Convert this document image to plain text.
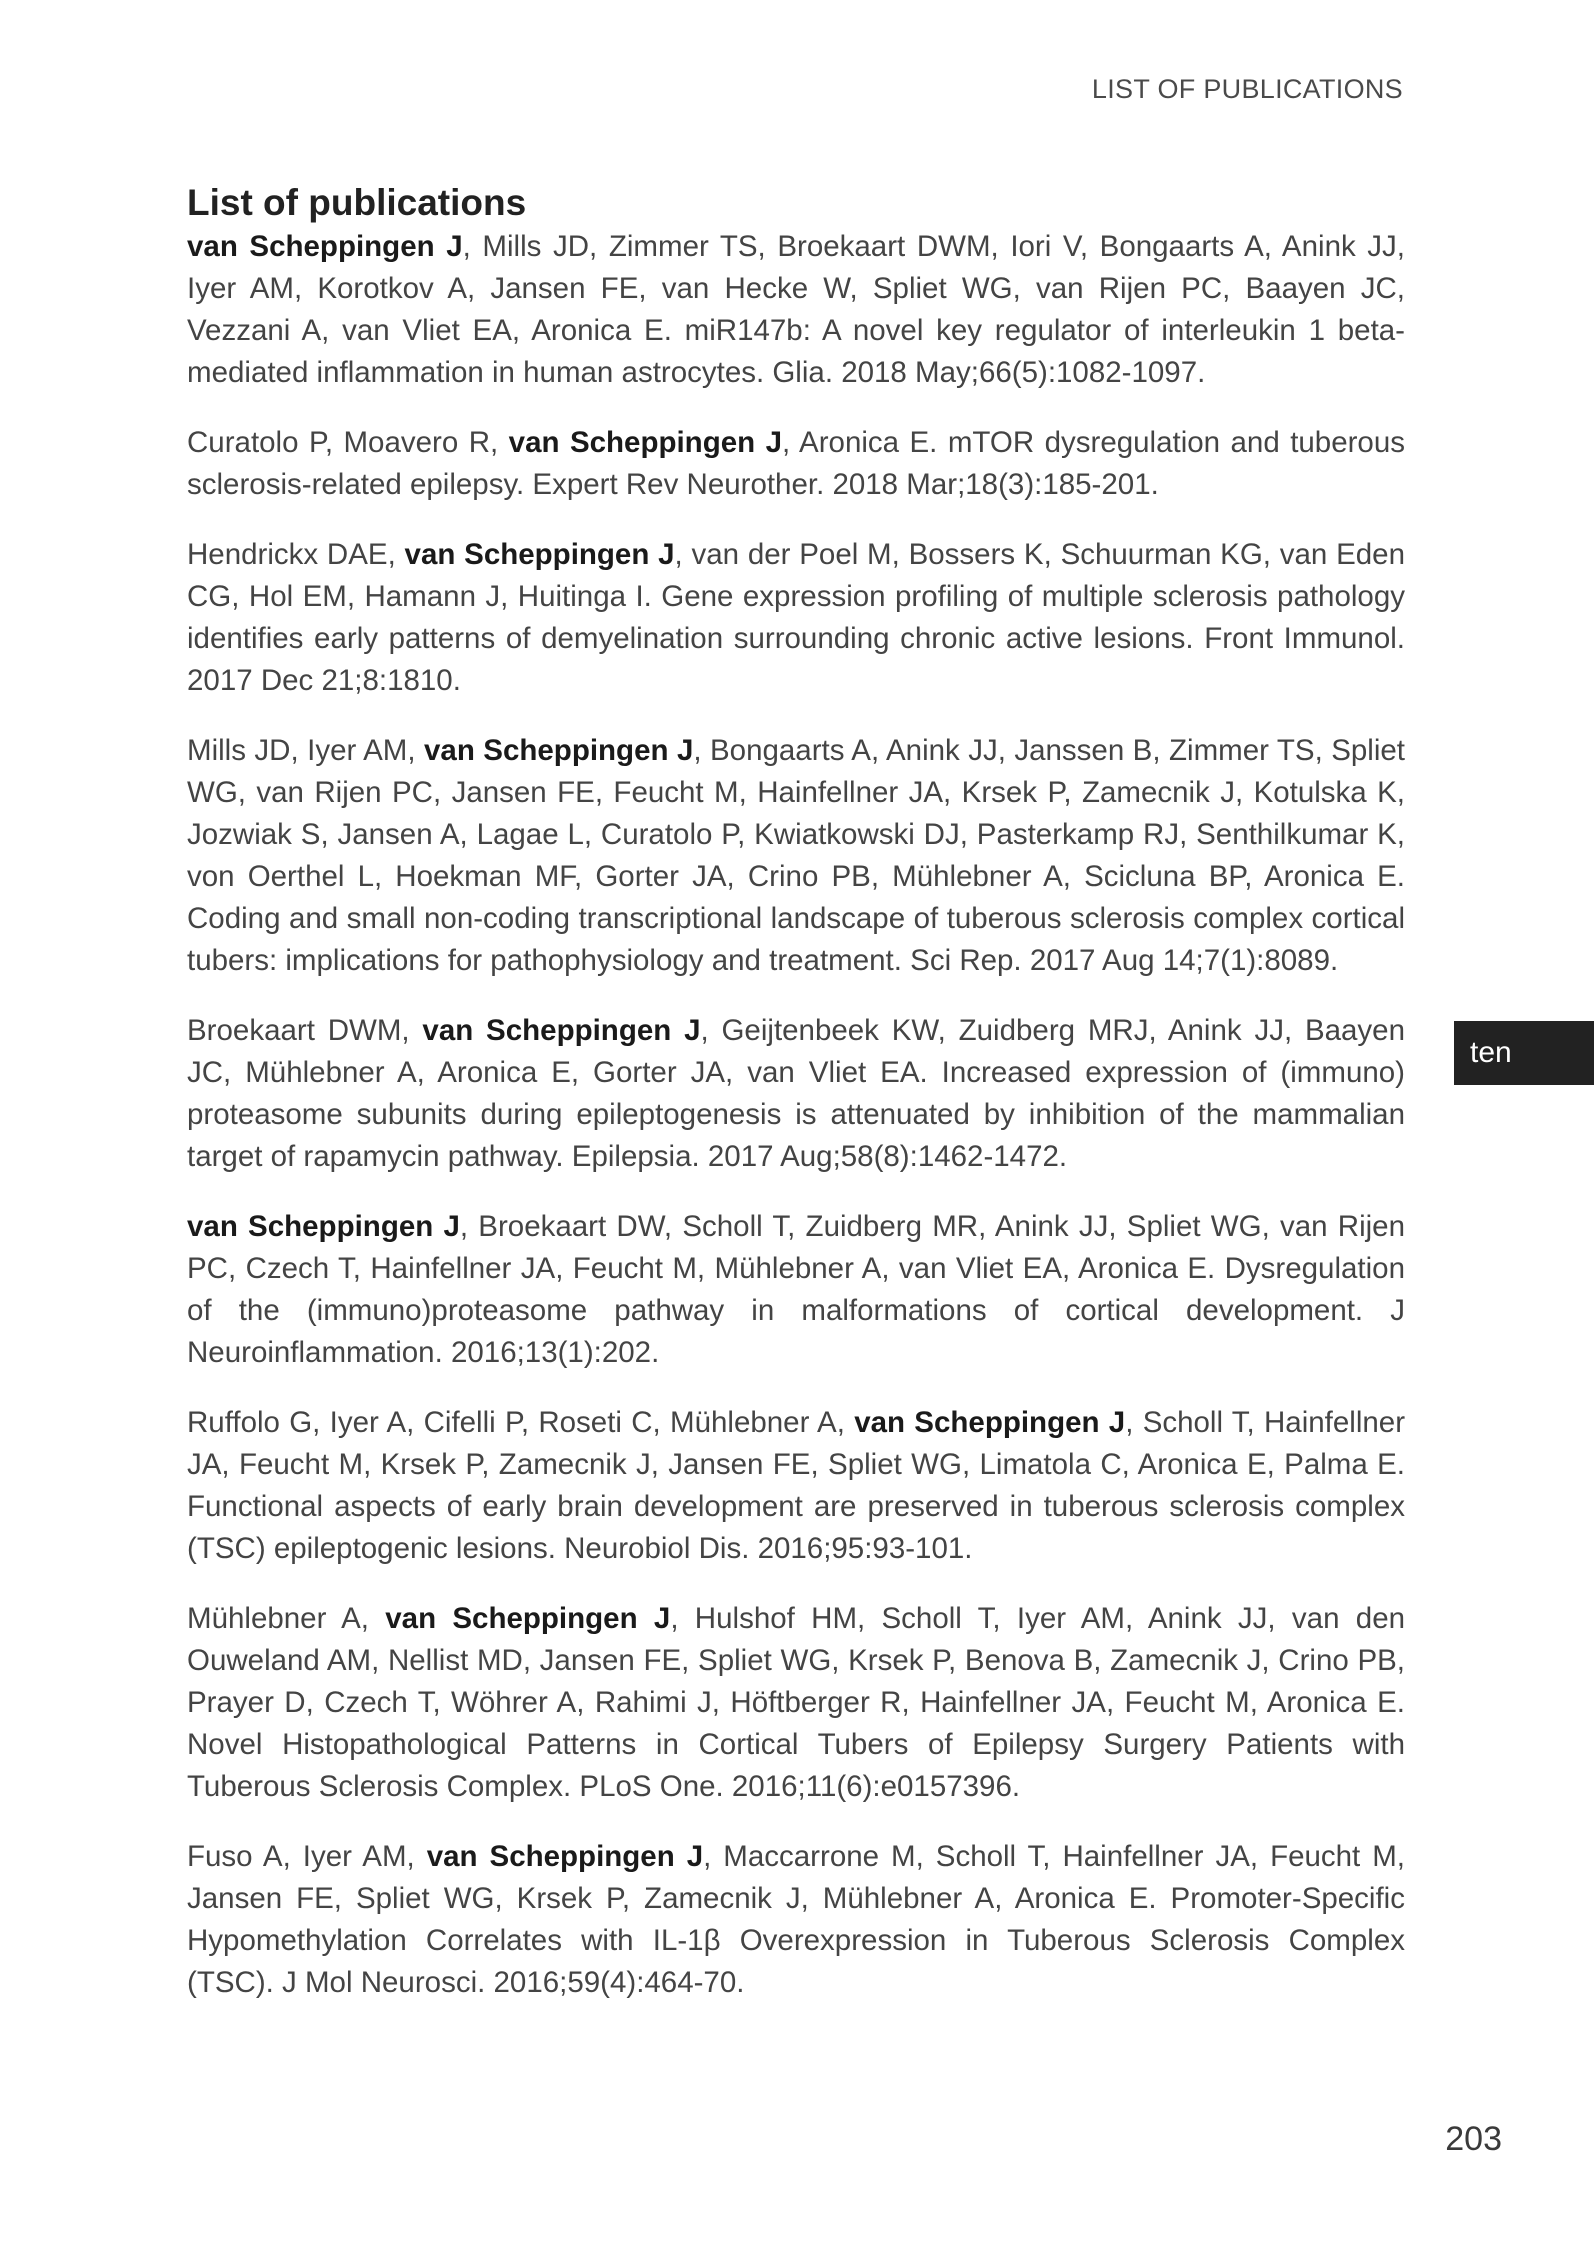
LIST OF PUBLICATIONS
List of publications

van Scheppingen J, Mills JD, Zimmer TS, Broekaart DWM, Iori V, Bongaarts A, Anink JJ, Iyer AM, Korotkov A, Jansen FE, van Hecke W, Spliet WG, van Rijen PC, Baayen JC, Vezzani A, van Vliet EA, Aronica E. miR147b: A novel key regulator of interleukin 1 beta-mediated inflammation in human astrocytes. Glia. 2018 May;66(5):1082-1097.

Curatolo P, Moavero R, van Scheppingen J, Aronica E. mTOR dysregulation and tuberous sclerosis-related epilepsy. Expert Rev Neurother. 2018 Mar;18(3):185-201.

Hendrickx DAE, van Scheppingen J, van der Poel M, Bossers K, Schuurman KG, van Eden CG, Hol EM, Hamann J, Huitinga I. Gene expression profiling of multiple sclerosis pathology identifies early patterns of demyelination surrounding chronic active lesions. Front Immunol. 2017 Dec 21;8:1810.

Mills JD, Iyer AM, van Scheppingen J, Bongaarts A, Anink JJ, Janssen B, Zimmer TS, Spliet WG, van Rijen PC, Jansen FE, Feucht M, Hainfellner JA, Krsek P, Zamecnik J, Kotulska K, Jozwiak S, Jansen A, Lagae L, Curatolo P, Kwiatkowski DJ, Pasterkamp RJ, Senthilkumar K, von Oerthel L, Hoekman MF, Gorter JA, Crino PB, Mühlebner A, Scicluna BP, Aronica E. Coding and small non-coding transcriptional landscape of tuberous sclerosis complex cortical tubers: implications for pathophysiology and treatment. Sci Rep. 2017 Aug 14;7(1):8089.

Broekaart DWM, van Scheppingen J, Geijtenbeek KW, Zuidberg MRJ, Anink JJ, Baayen JC, Mühlebner A, Aronica E, Gorter JA, van Vliet EA. Increased expression of (immuno) proteasome subunits during epileptogenesis is attenuated by inhibition of the mammalian target of rapamycin pathway. Epilepsia. 2017 Aug;58(8):1462-1472.

van Scheppingen J, Broekaart DW, Scholl T, Zuidberg MR, Anink JJ, Spliet WG, van Rijen PC, Czech T, Hainfellner JA, Feucht M, Mühlebner A, van Vliet EA, Aronica E. Dysregulation of the (immuno)proteasome pathway in malformations of cortical development. J Neuroinflammation. 2016;13(1):202.

Ruffolo G, Iyer A, Cifelli P, Roseti C, Mühlebner A, van Scheppingen J, Scholl T, Hainfellner JA, Feucht M, Krsek P, Zamecnik J, Jansen FE, Spliet WG, Limatola C, Aronica E, Palma E. Functional aspects of early brain development are preserved in tuberous sclerosis complex (TSC) epileptogenic lesions. Neurobiol Dis. 2016;95:93-101.

Mühlebner A, van Scheppingen J, Hulshof HM, Scholl T, Iyer AM, Anink JJ, van den Ouweland AM, Nellist MD, Jansen FE, Spliet WG, Krsek P, Benova B, Zamecnik J, Crino PB, Prayer D, Czech T, Wöhrer A, Rahimi J, Höftberger R, Hainfellner JA, Feucht M, Aronica E. Novel Histopathological Patterns in Cortical Tubers of Epilepsy Surgery Patients with Tuberous Sclerosis Complex. PLoS One. 2016;11(6):e0157396.

Fuso A, Iyer AM, van Scheppingen J, Maccarrone M, Scholl T, Hainfellner JA, Feucht M, Jansen FE, Spliet WG, Krsek P, Zamecnik J, Mühlebner A, Aronica E. Promoter-Specific Hypomethylation Correlates with IL-1β Overexpression in Tuberous Sclerosis Complex (TSC). J Mol Neurosci. 2016;59(4):464-70.

ten
203
